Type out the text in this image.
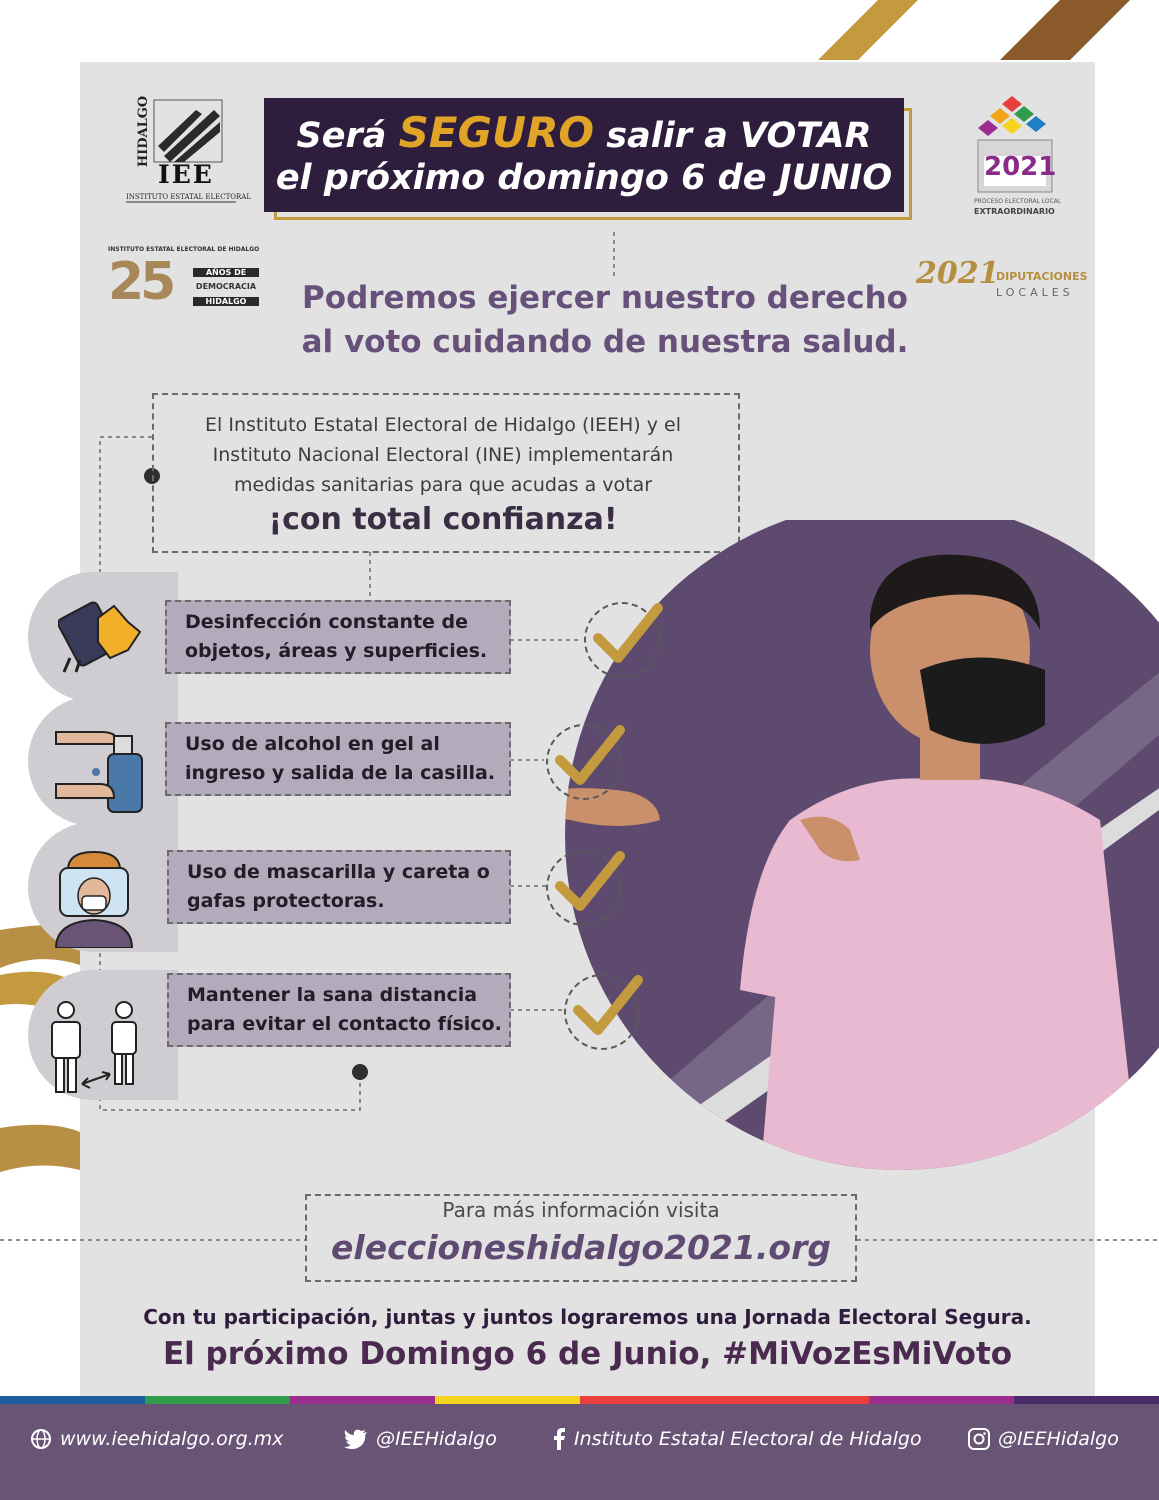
HIDALGO
IEE
INSTITUTO ESTATAL ELECTORAL
Será SEGURO salir a VOTAR
el próximo domingo 6 de JUNIO	2021
PROCESO ELECTORAL LOCAL
EXTRAORDINARIO
INSTITUTO ESTATAL ELECTORAL DE HIDALGO
25	AÑOS DE
DEMOCRACIA
HIDALGO
2021
DIPUTACIONES
LOCALES
Podremos ejercer nuestro derecho
al voto cuidando de nuestra salud.
El Instituto Estatal Electoral de Hidalgo (IEEH) y el
Instituto Nacional Electoral (INE) implementarán
medidas sanitarias para que acudas a votar
¡con total confianza!
Desinfección constante de
objetos, áreas y superficies.
Uso de alcohol en gel al
ingreso y salida de la casilla.
Uso de mascarilla y careta o
gafas protectoras.
Mantener la sana distancia
para evitar el contacto físico.
Para más información visita
eleccioneshidalgo2021.org
Con tu participación, juntas y juntos lograremos una Jornada Electoral Segura.
El próximo Domingo 6 de Junio, #MiVozEsMiVoto
www.ieehidalgo.org.mx	@IEEHidalgo	Instituto Estatal Electoral de Hidalgo	@IEEHidalgo
